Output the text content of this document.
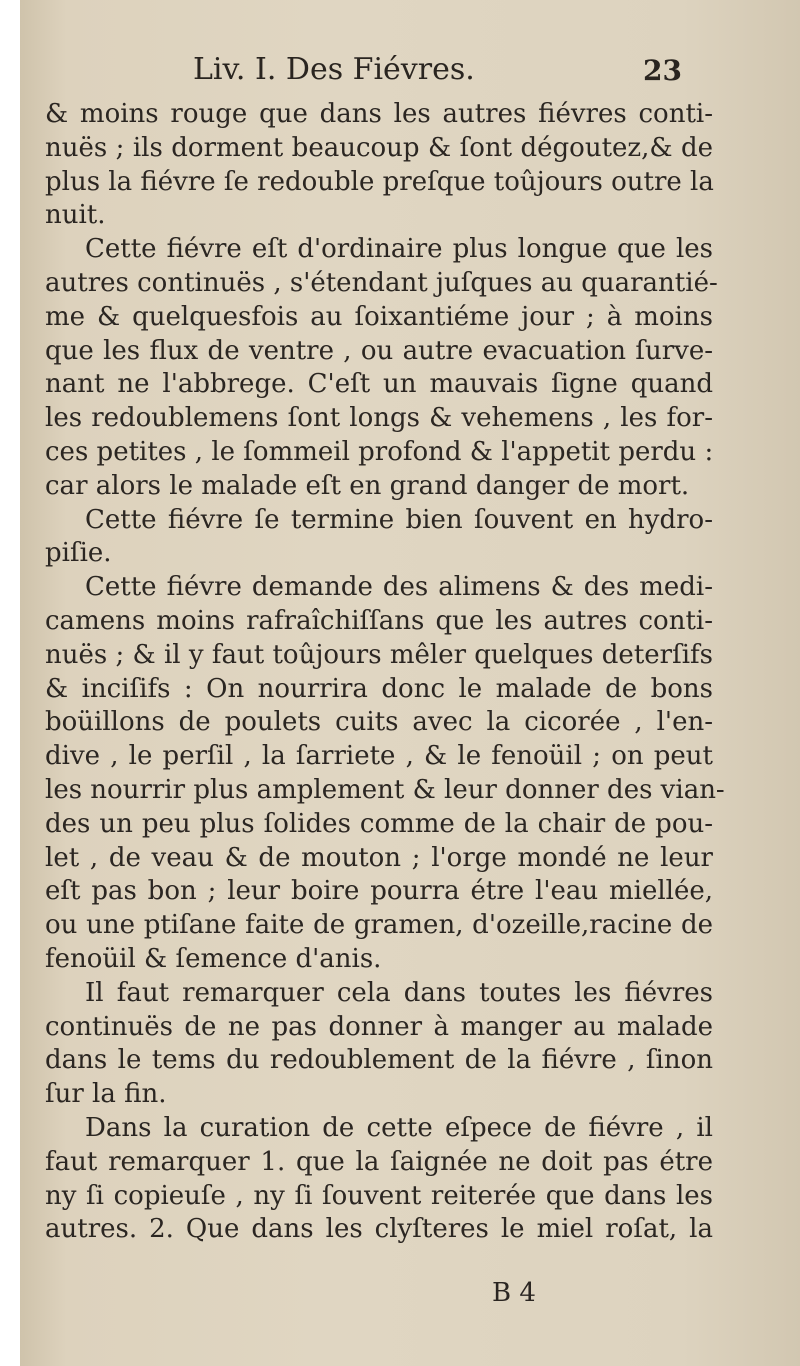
Liv. I. Des Fiévres.	23
& moins rouge que dans les autres fiévres conti-
nuës ; ils dorment beaucoup & ſont dégoutez,& de
plus la fiévre ſe redouble preſque toûjours outre la
nuit.
Cette fiévre eſt d'ordinaire plus longue que les
autres continuës , s'étendant juſques au quarantié-
me & quelquesfois au ſoixantiéme jour ; à moins
que les flux de ventre , ou autre evacuation ſurve-
nant ne l'abbrege. C'eſt un mauvais ſigne quand
les redoublemens ſont longs & vehemens , les for-
ces petites , le ſommeil profond & l'appetit perdu :
car alors le malade eſt en grand danger de mort.
Cette fiévre ſe termine bien ſouvent en hydro-
piſie.
Cette fiévre demande des alimens & des medi-
camens moins rafraîchiſſans que les autres conti-
nuës ; & il y faut toûjours mêler quelques deterſifs
& inciſifs : On nourrira donc le malade de bons
boüillons de poulets cuits avec la cicorée , l'en-
dive , le perſil , la ſarriete , & le fenoüil ; on peut
les nourrir plus amplement & leur donner des vian-
des un peu plus ſolides comme de la chair de pou-
let , de veau & de mouton ; l'orge mondé ne leur
eſt pas bon ; leur boire pourra étre l'eau miellée,
ou une ptiſane faite de gramen, d'ozeille,racine de
fenoüil & ſemence d'anis.
Il faut remarquer cela dans toutes les fiévres
continuës de ne pas donner à manger au malade
dans le tems du redoublement de la fiévre , ſinon
ſur la fin.
Dans la curation de cette eſpece de fiévre , il
faut remarquer 1. que la ſaignée ne doit pas étre
ny ſi copieuſe , ny ſi ſouvent reiterée que dans les
autres. 2. Que dans les clyſteres le miel roſat, la
B 4
